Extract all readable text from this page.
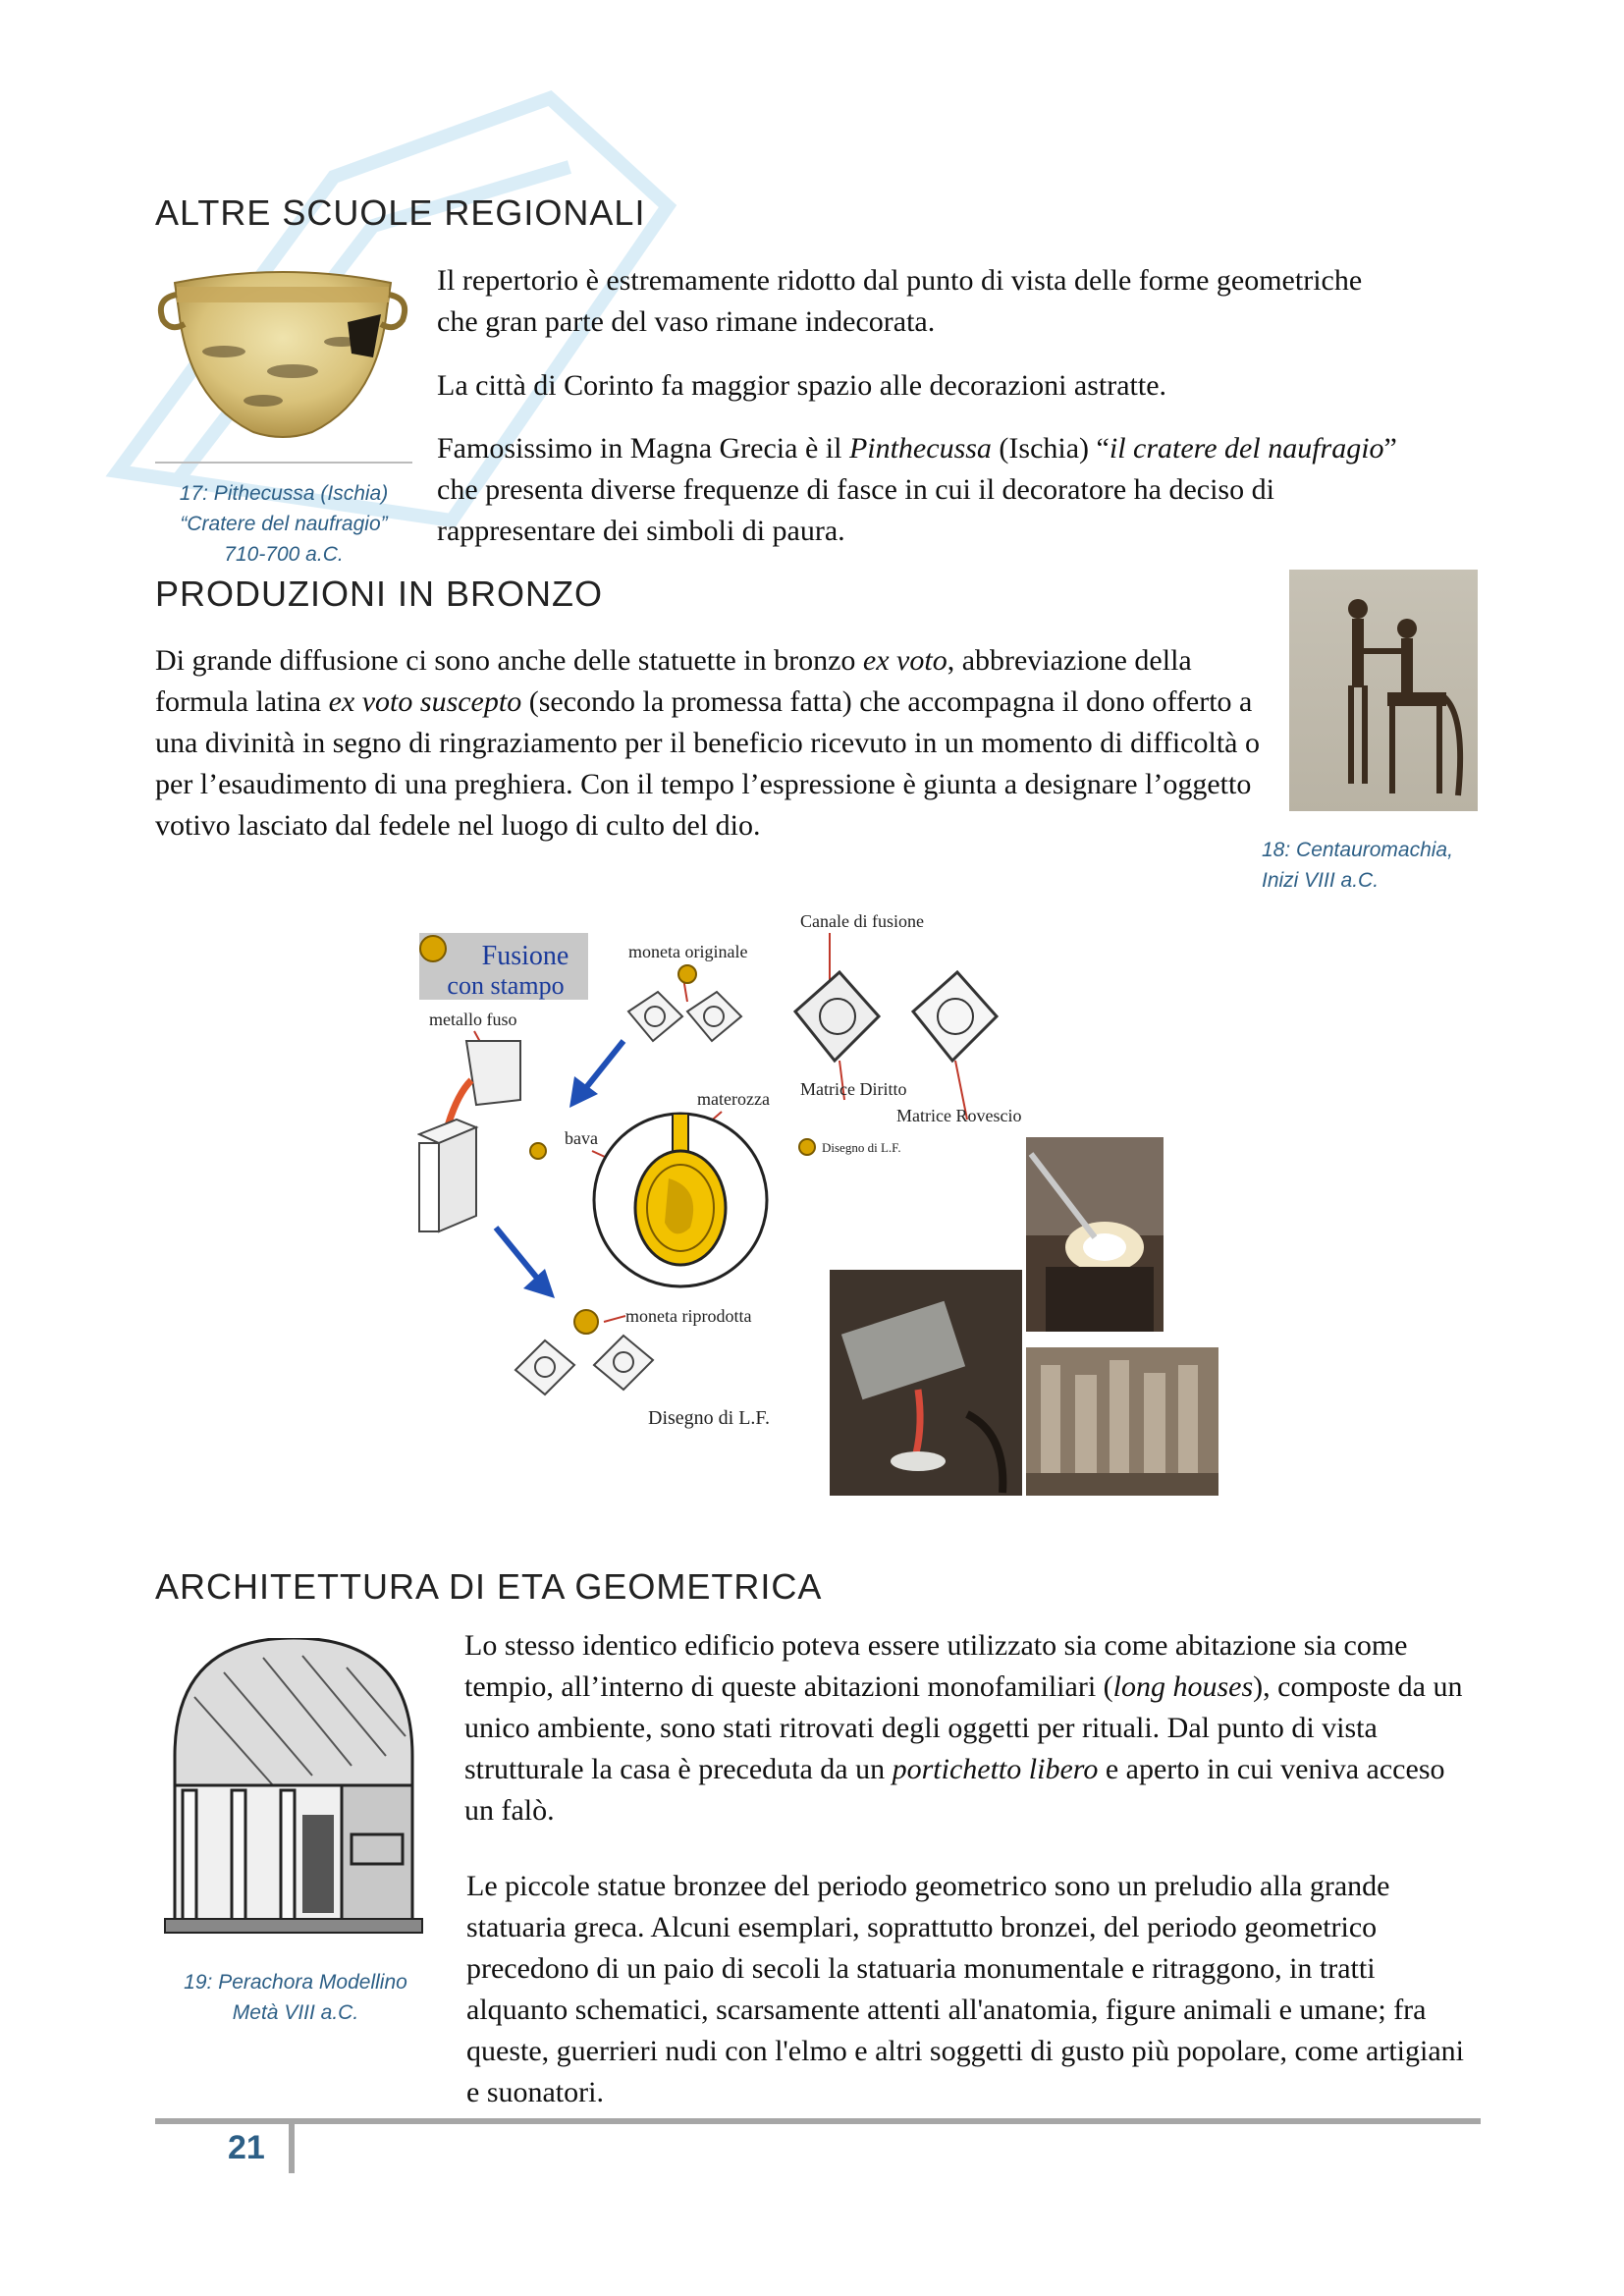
ALTRE SCUOLE REGIONALI
17: Pithecussa (Ischia)
“Cratere del naufragio”
710-700 a.C.

Il repertorio è estremamente ridotto dal punto di vista delle forme geometriche che gran parte del vaso rimane indecorata.

La città di Corinto fa maggior spazio alle decorazioni astratte.

Famosissimo in Magna Grecia è il Pinthecussa (Ischia) “il cratere del naufragio” che presenta diverse frequenze di fasce in cui il decoratore ha deciso di rappresentare dei simboli di paura.

PRODUZIONI IN BRONZO

Di grande diffusione ci sono anche delle statuette in bronzo ex voto, abbreviazione della formula latina ex voto suscepto (secondo la promessa fatta) che accompagna il dono offerto a una divinità in segno di ringraziamento per il beneficio ricevuto in un momento di difficoltà o per l’esaudimento di una preghiera. Con il tempo l’espressione è giunta a designare l’oggetto votivo lasciato dal fedele nel luogo di culto del dio.

18: Centauromachia,
Inizi VIII a.C.
Fusione
con stampo
metallo fuso
moneta originale
Canale di fusione
Matrice Diritto
Matrice Rovescio
materozza
bava	Disegno di L.F.
moneta riprodotta
Disegno di L.F.
ARCHITETTURA DI ETA GEOMETRICA
19: Perachora Modellino
Metà VIII a.C.

Lo stesso identico edificio poteva essere utilizzato sia come abitazione sia come tempio, all’interno di queste abitazioni monofamiliari (long houses), composte da un unico ambiente, sono stati ritrovati degli oggetti per rituali. Dal punto di vista strutturale la casa è preceduta da un portichetto libero e aperto in cui veniva acceso un falò.

Le piccole statue bronzee del periodo geometrico sono un preludio alla grande statuaria greca. Alcuni esemplari, soprattutto bronzei, del periodo geometrico precedono di un paio di secoli la statuaria monumentale e ritraggono, in tratti alquanto schematici, scarsamente attenti all'anatomia, figure animali e umane; fra queste, guerrieri nudi con l'elmo e altri soggetti di gusto più popolare, come artigiani e suonatori.

21
